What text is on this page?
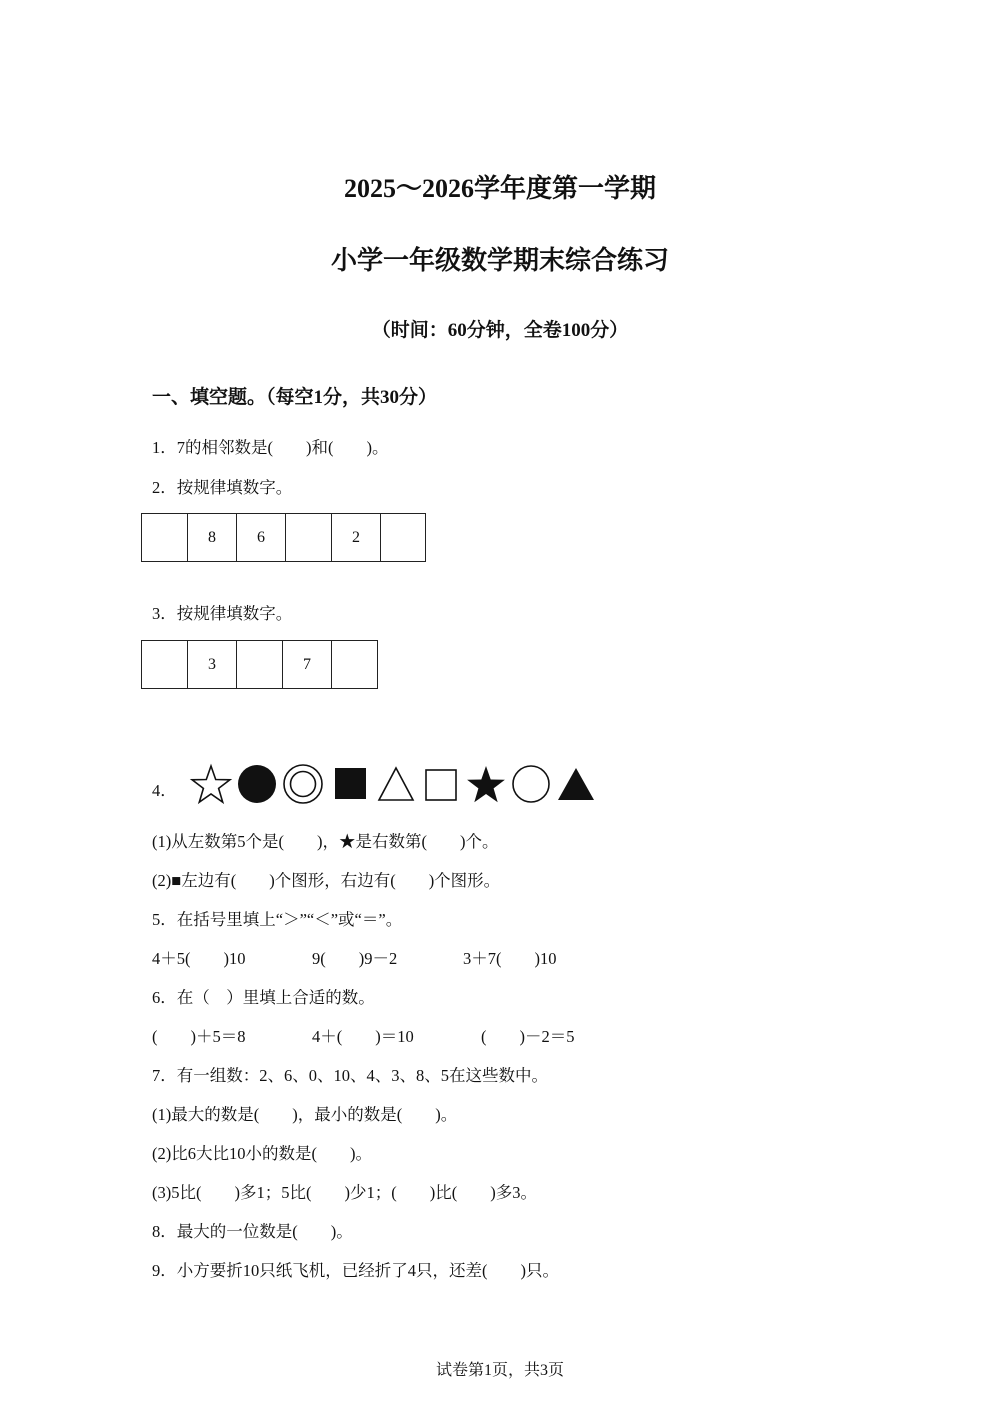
2025～2026学年度第一学期
小学一年级数学期末综合练习
（时间：60分钟，全卷100分）
一、填空题。（每空1分，共30分）
1．7的相邻数是(　　)和(　　)。
2．按规律填数字。
	8	6		2	
3．按规律填数字。
	3		7	
4．
(1)从左数第5个是(　　)，★是右数第(　　)个。
(2)■左边有(　　)个图形，右边有(　　)个图形。
5．在括号里填上“＞”“＜”或“＝”。
4＋5(　　)10	9(　　)9－2	3＋7(　　)10
6．在（　）里填上合适的数。
(　　)＋5＝8	4＋(　　)＝10	(　　)－2＝5
7．有一组数：2、6、0、10、4、3、8、5在这些数中。
(1)最大的数是(　　)，最小的数是(　　)。
(2)比6大比10小的数是(　　)。
(3)5比(　　)多1；5比(　　)少1；(　　)比(　　)多3。
8．最大的一位数是(　　)。
9．小方要折10只纸飞机，已经折了4只，还差(　　)只。
试卷第1页，共3页
